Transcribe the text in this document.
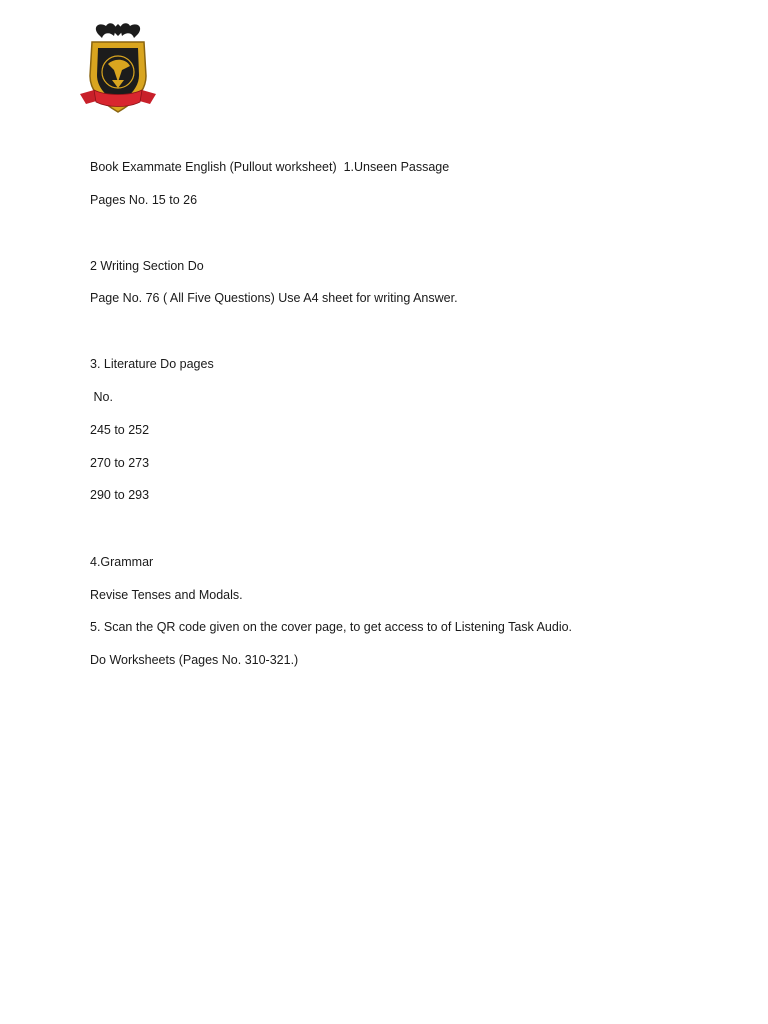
Book Exammate English (Pullout worksheet)  1.Unseen Passage
Pages No. 15 to 26
2 Writing Section Do
Page No. 76 ( All Five Questions) Use A4 sheet for writing Answer.
3. Literature Do pages
No.
245 to 252
270 to 273
290 to 293
4.Grammar
Revise Tenses and Modals.
5. Scan the QR code given on the cover page, to get access to of Listening Task Audio.
Do Worksheets (Pages No. 310-321.)
